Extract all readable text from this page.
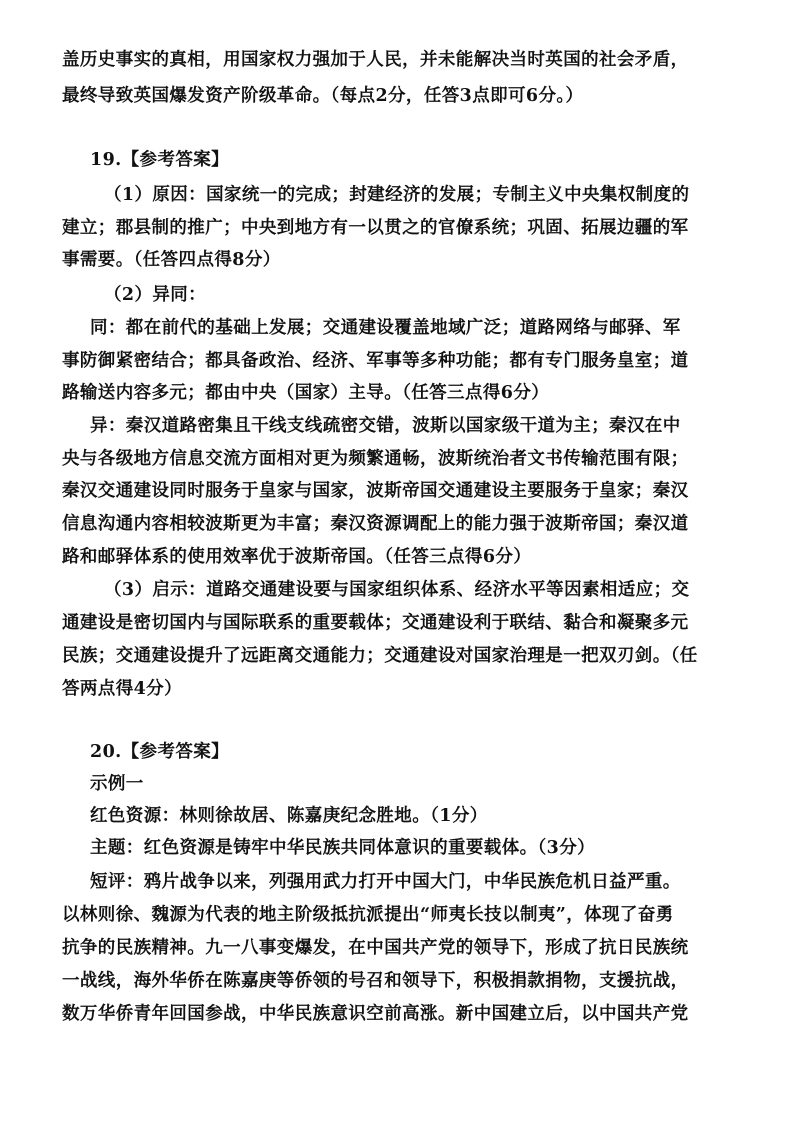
盖历史事实的真相，用国家权力强加于人民，并未能解决当时英国的社会矛盾，
最终导致英国爆发资产阶级革命。（每点2分，任答3点即可6分。）
19.【参考答案】
（1）原因：国家统一的完成；封建经济的发展；专制主义中央集权制度的
建立；郡县制的推广；中央到地方有一以贯之的官僚系统；巩固、拓展边疆的军
事需要。（任答四点得8分）
（2）异同：
同：都在前代的基础上发展；交通建设覆盖地域广泛；道路网络与邮驿、军
事防御紧密结合；都具备政治、经济、军事等多种功能；都有专门服务皇室；道
路输送内容多元；都由中央（国家）主导。（任答三点得6分）
异：秦汉道路密集且干线支线疏密交错，波斯以国家级干道为主；秦汉在中
央与各级地方信息交流方面相对更为频繁通畅，波斯统治者文书传输范围有限；
秦汉交通建设同时服务于皇家与国家，波斯帝国交通建设主要服务于皇家；秦汉
信息沟通内容相较波斯更为丰富；秦汉资源调配上的能力强于波斯帝国；秦汉道
路和邮驿体系的使用效率优于波斯帝国。（任答三点得6分）
（3）启示：道路交通建设要与国家组织体系、经济水平等因素相适应；交
通建设是密切国内与国际联系的重要载体；交通建设利于联结、黏合和凝聚多元
民族；交通建设提升了远距离交通能力；交通建设对国家治理是一把双刃剑。（任
答两点得4分）
20.【参考答案】
示例一
红色资源：林则徐故居、陈嘉庚纪念胜地。（1分）
主题：红色资源是铸牢中华民族共同体意识的重要载体。（3分）
短评：鸦片战争以来，列强用武力打开中国大门，中华民族危机日益严重。
以林则徐、魏源为代表的地主阶级抵抗派提出“师夷长技以制夷”，体现了奋勇
抗争的民族精神。九一八事变爆发，在中国共产党的领导下，形成了抗日民族统
一战线，海外华侨在陈嘉庚等侨领的号召和领导下，积极捐款捐物，支援抗战，
数万华侨青年回国参战，中华民族意识空前高涨。新中国建立后，以中国共产党
